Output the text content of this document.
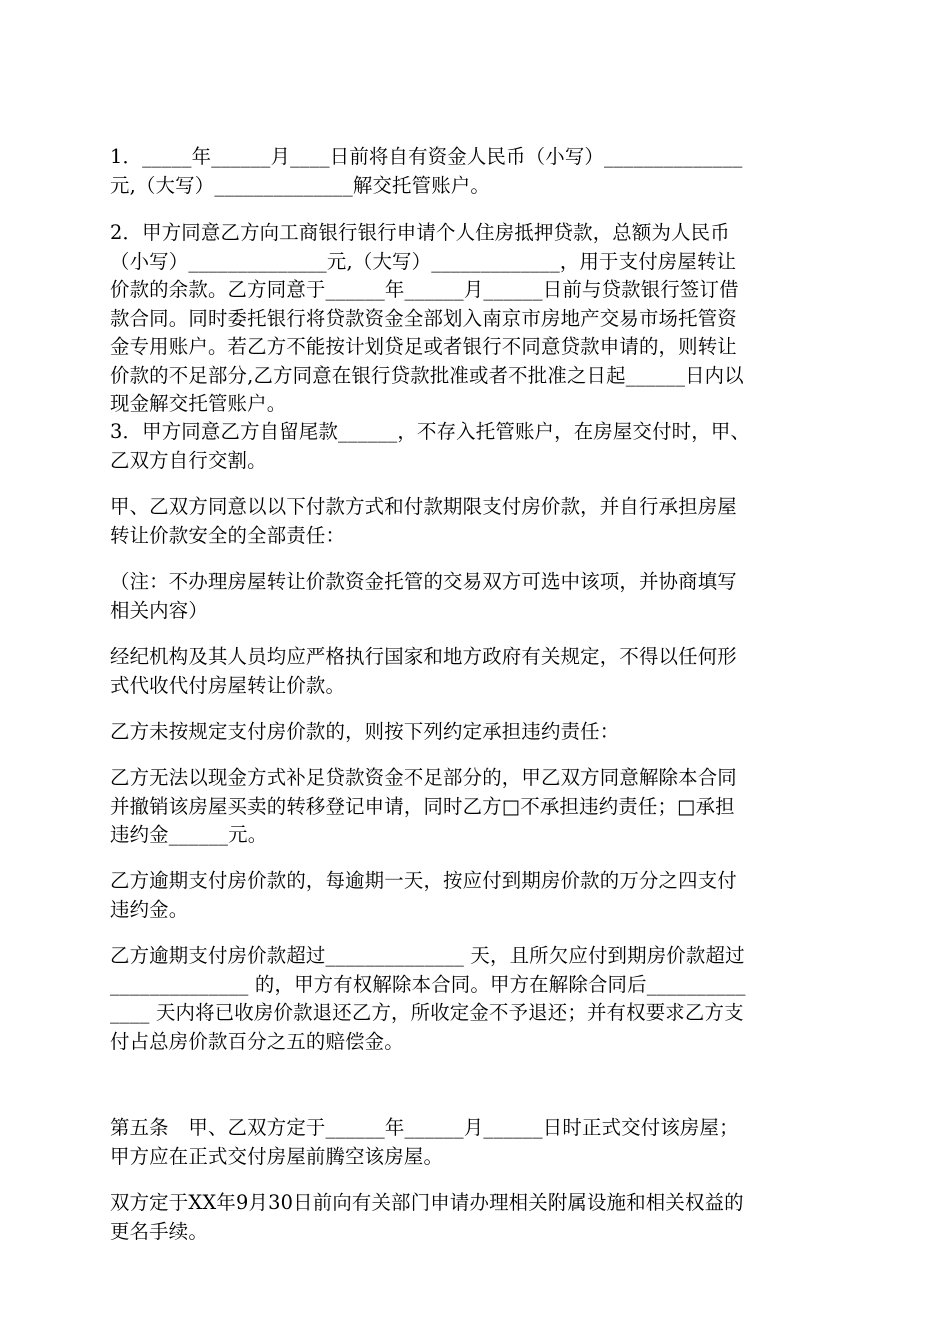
1．_____年______月____日前将自有资金人民币（小写）______________
元,（大写）______________解交托管账户。

2．甲方同意乙方向工商银行银行申请个人住房抵押贷款，总额为人民币
（小写）______________元,（大写）_____________，用于支付房屋转让
价款的余款。乙方同意于______年______月______日前与贷款银行签订借
款合同。同时委托银行将贷款资金全部划入南京市房地产交易市场托管资
金专用账户。若乙方不能按计划贷足或者银行不同意贷款申请的，则转让
价款的不足部分,乙方同意在银行贷款批准或者不批准之日起______日内以
现金解交托管账户。

3．甲方同意乙方自留尾款______，不存入托管账户，在房屋交付时，甲、
乙双方自行交割。

甲、乙双方同意以以下付款方式和付款期限支付房价款，并自行承担房屋
转让价款安全的全部责任：

（注：不办理房屋转让价款资金托管的交易双方可选中该项，并协商填写
相关内容）

经纪机构及其人员均应严格执行国家和地方政府有关规定，不得以任何形
式代收代付房屋转让价款。

乙方未按规定支付房价款的，则按下列约定承担违约责任：

乙方无法以现金方式补足贷款资金不足部分的，甲乙双方同意解除本合同
并撤销该房屋买卖的转移登记申请，同时乙方□不承担违约责任；□承担
违约金______元。

乙方逾期支付房价款的，每逾期一天，按应付到期房价款的万分之四支付
违约金。

乙方逾期支付房价款超过______________ 天，且所欠应付到期房价款超过
______________ 的，甲方有权解除本合同。甲方在解除合同后__________
____ 天内将已收房价款退还乙方，所收定金不予退还；并有权要求乙方支
付占总房价款百分之五的赔偿金。

第五条　甲、乙双方定于______年______月______日时正式交付该房屋；
甲方应在正式交付房屋前腾空该房屋。

双方定于XX年9月30日前向有关部门申请办理相关附属设施和相关权益的
更名手续。
